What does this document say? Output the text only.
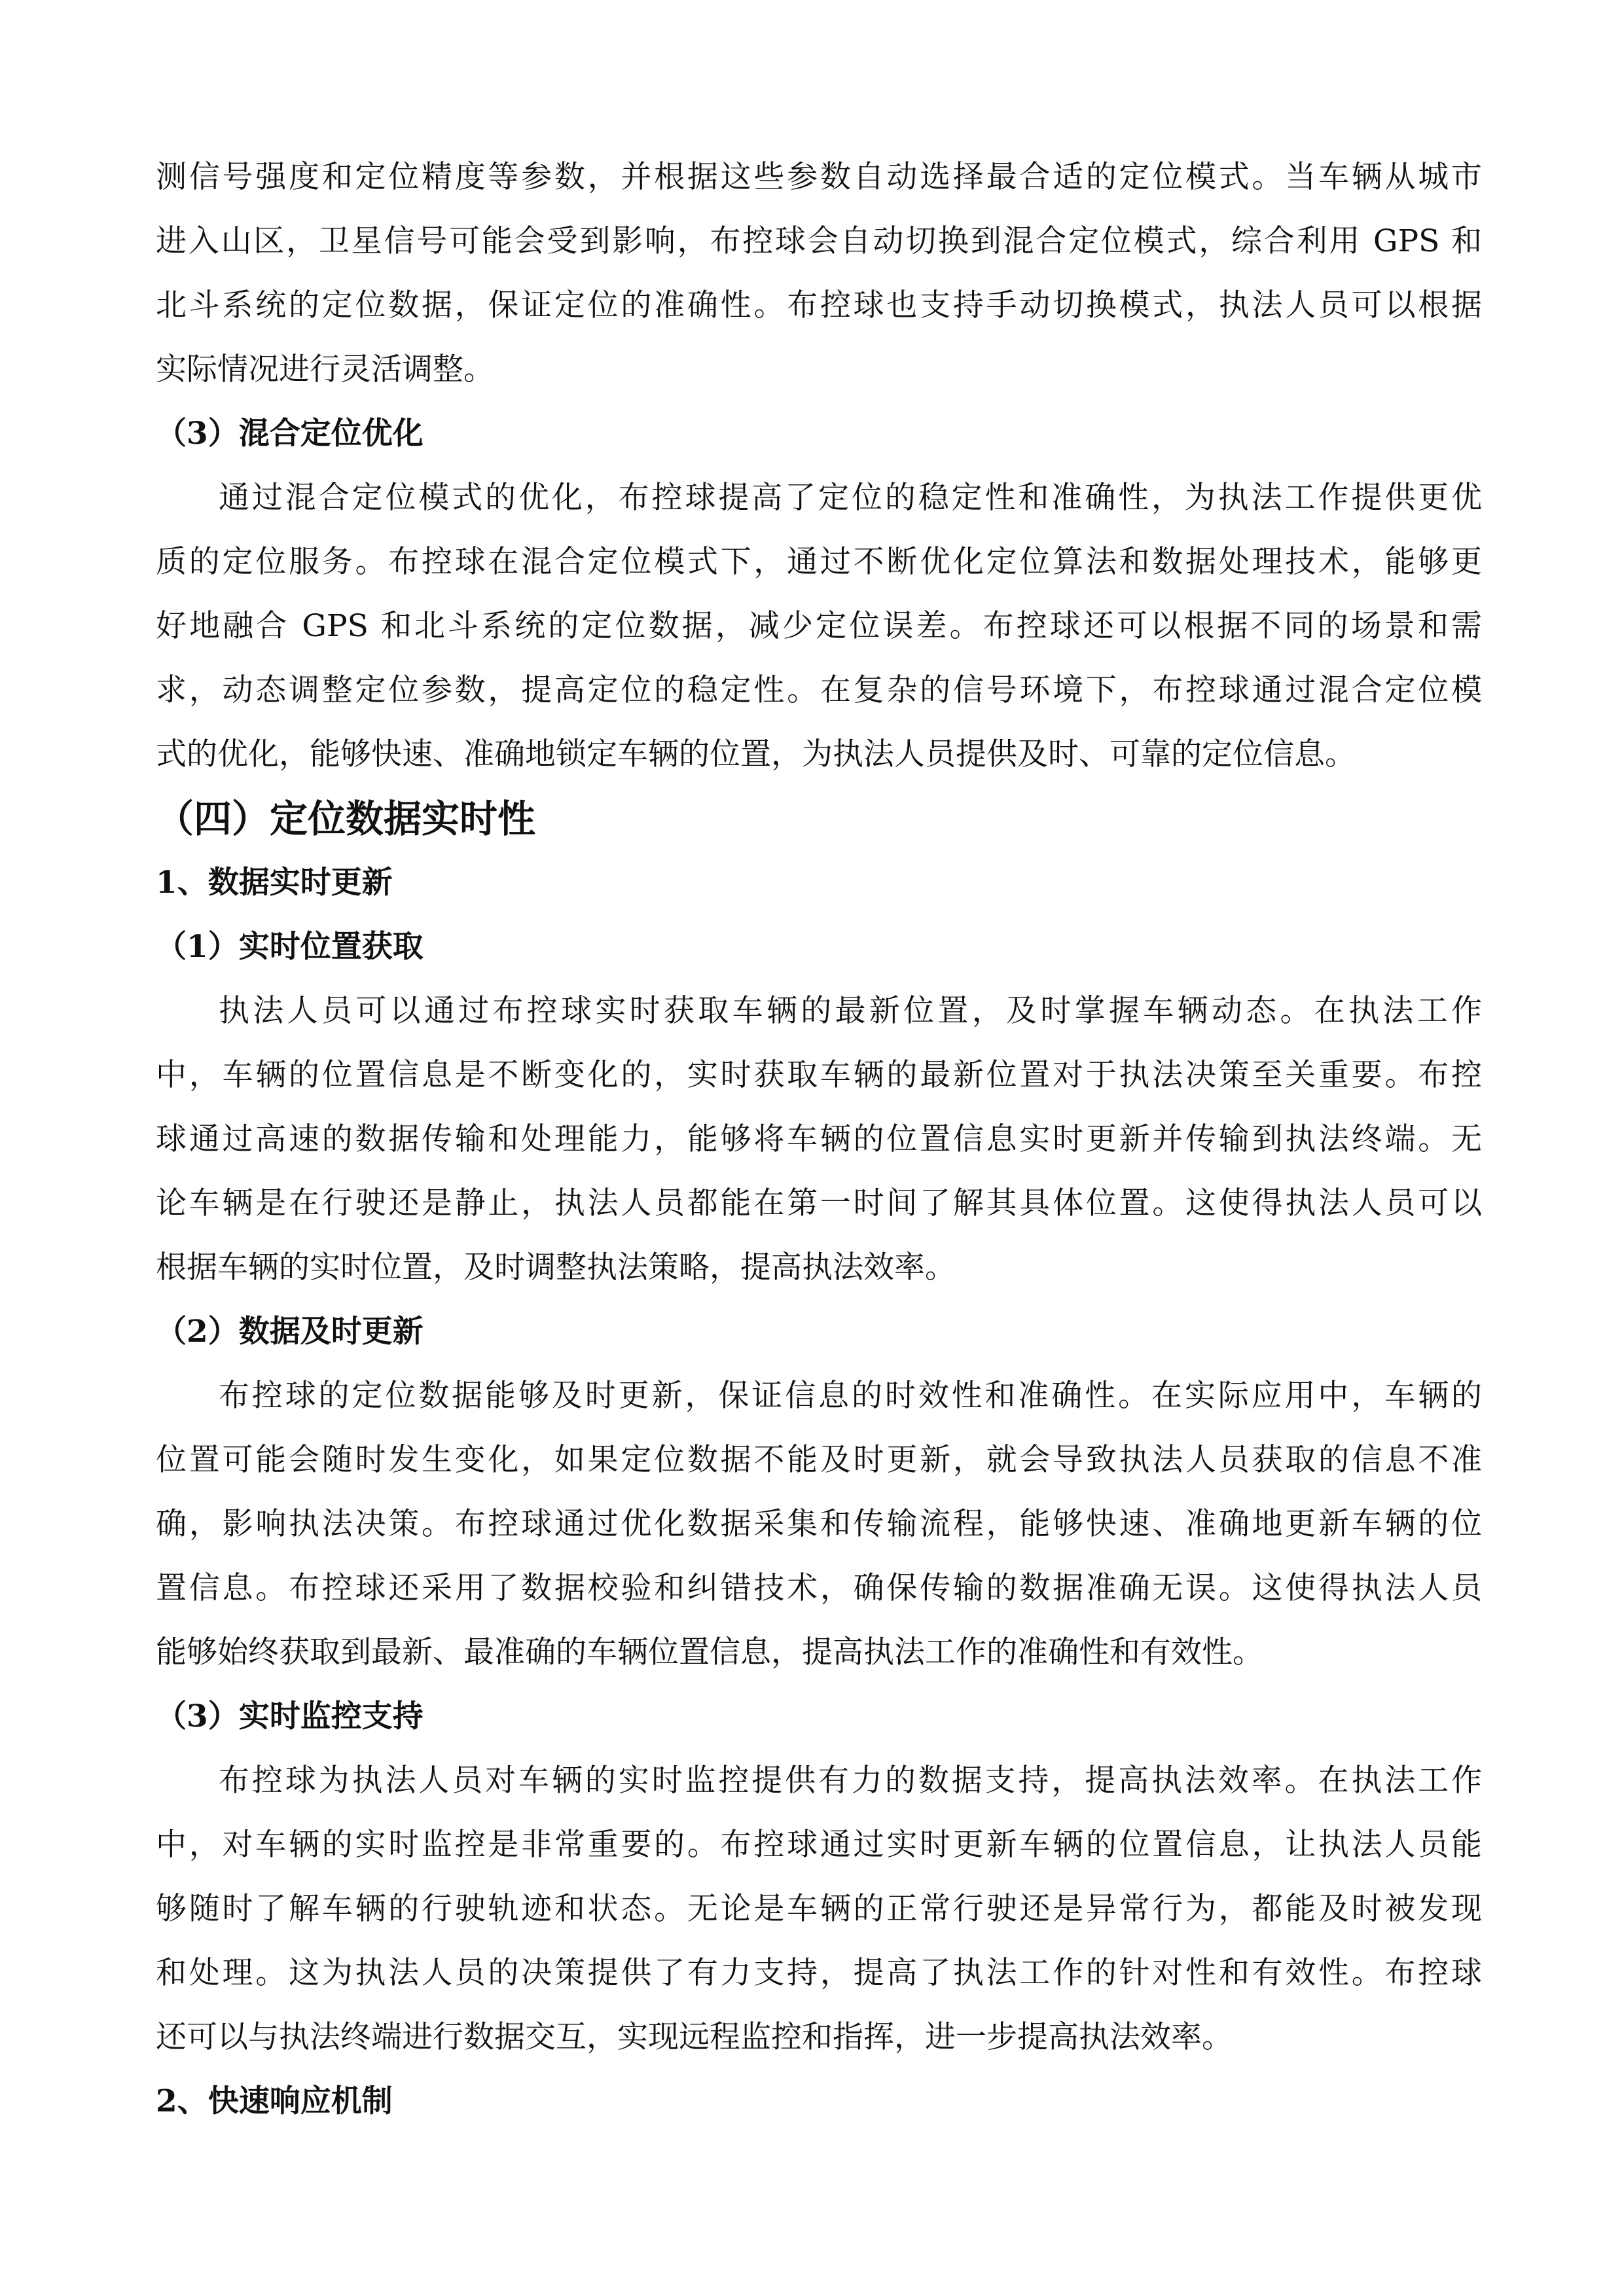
测信号强度和定位精度等参数，并根据这些参数自动选择最合适的定位模式。当车辆从城市
进入山区，卫星信号可能会受到影响，布控球会自动切换到混合定位模式，综合利用 GPS 和
北斗系统的定位数据，保证定位的准确性。布控球也支持手动切换模式，执法人员可以根据
实际情况进行灵活调整。
（3）混合定位优化
通过混合定位模式的优化，布控球提高了定位的稳定性和准确性，为执法工作提供更优
质的定位服务。布控球在混合定位模式下，通过不断优化定位算法和数据处理技术，能够更
好地融合 GPS 和北斗系统的定位数据，减少定位误差。布控球还可以根据不同的场景和需
求，动态调整定位参数，提高定位的稳定性。在复杂的信号环境下，布控球通过混合定位模
式的优化，能够快速、准确地锁定车辆的位置，为执法人员提供及时、可靠的定位信息。
（四）定位数据实时性
1、数据实时更新
（1）实时位置获取
执法人员可以通过布控球实时获取车辆的最新位置，及时掌握车辆动态。在执法工作
中，车辆的位置信息是不断变化的，实时获取车辆的最新位置对于执法决策至关重要。布控
球通过高速的数据传输和处理能力，能够将车辆的位置信息实时更新并传输到执法终端。无
论车辆是在行驶还是静止，执法人员都能在第一时间了解其具体位置。这使得执法人员可以
根据车辆的实时位置，及时调整执法策略，提高执法效率。
（2）数据及时更新
布控球的定位数据能够及时更新，保证信息的时效性和准确性。在实际应用中，车辆的
位置可能会随时发生变化，如果定位数据不能及时更新，就会导致执法人员获取的信息不准
确，影响执法决策。布控球通过优化数据采集和传输流程，能够快速、准确地更新车辆的位
置信息。布控球还采用了数据校验和纠错技术，确保传输的数据准确无误。这使得执法人员
能够始终获取到最新、最准确的车辆位置信息，提高执法工作的准确性和有效性。
（3）实时监控支持
布控球为执法人员对车辆的实时监控提供有力的数据支持，提高执法效率。在执法工作
中，对车辆的实时监控是非常重要的。布控球通过实时更新车辆的位置信息，让执法人员能
够随时了解车辆的行驶轨迹和状态。无论是车辆的正常行驶还是异常行为，都能及时被发现
和处理。这为执法人员的决策提供了有力支持，提高了执法工作的针对性和有效性。布控球
还可以与执法终端进行数据交互，实现远程监控和指挥，进一步提高执法效率。
2、快速响应机制
